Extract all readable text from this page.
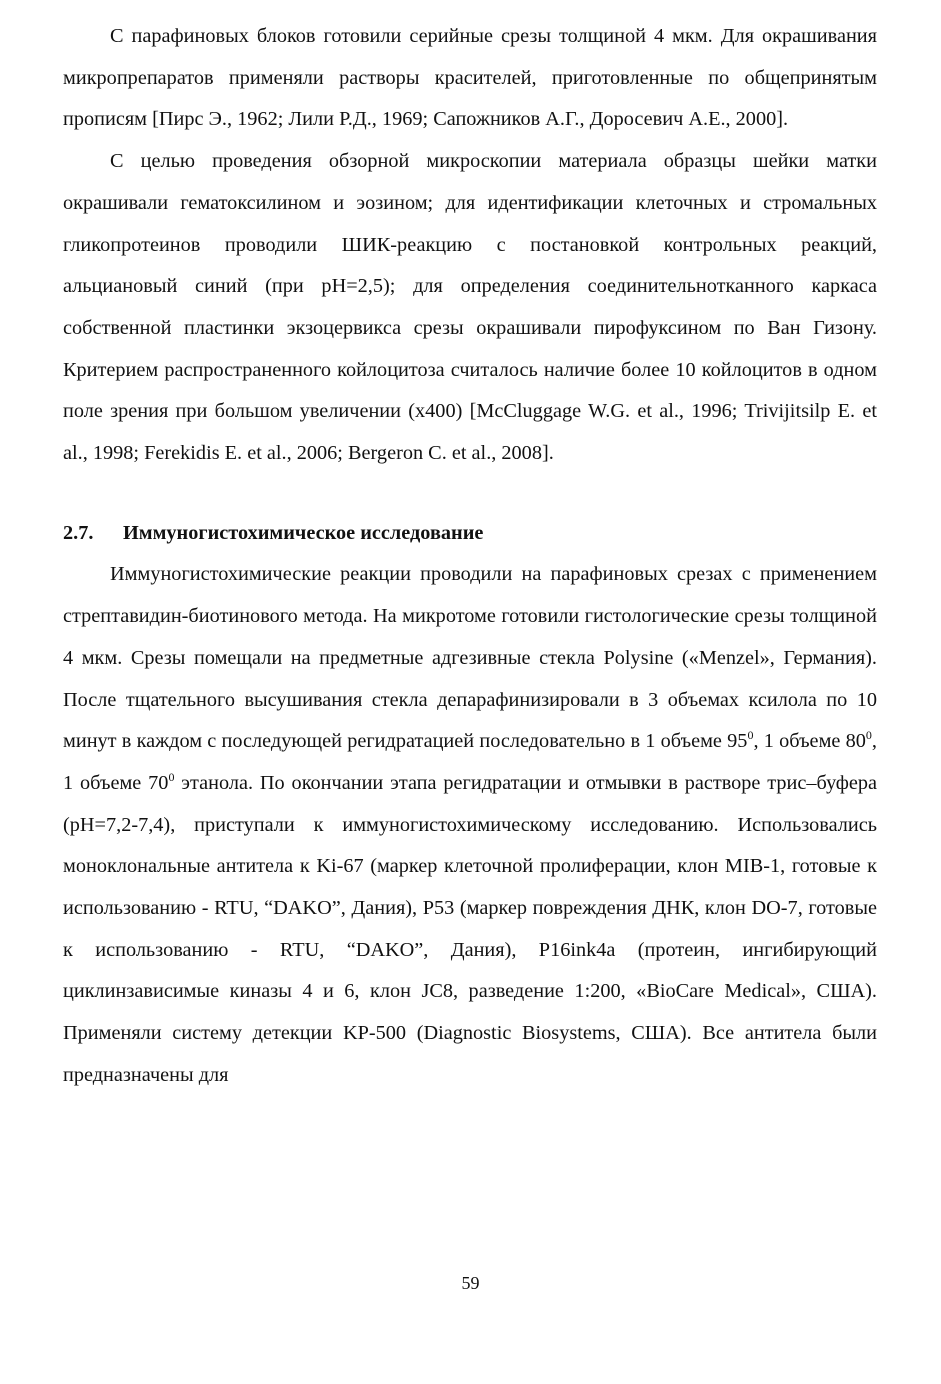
С парафиновых блоков готовили серийные срезы толщиной 4 мкм. Для окрашивания микропрепаратов применяли растворы красителей, приготовленные по общепринятым прописям [Пирс Э., 1962; Лили Р.Д., 1969; Сапожников А.Г., Доросевич А.Е., 2000].

С целью проведения обзорной микроскопии материала образцы шейки матки окрашивали гематоксилином и эозином; для идентификации клеточных и стромальных гликопротеинов проводили ШИК-реакцию с постановкой контрольных реакций, альциановый синий (при pH=2,5); для определения соединительнотканного каркаса собственной пластинки экзоцервикса срезы окрашивали пирофуксином по Ван Гизону. Критерием распространенного койлоцитоза считалось наличие более 10 койлоцитов в одном поле зрения при большом увеличении (х400) [McCluggage W.G. et al., 1996; Trivijitsilp E. et al., 1998; Ferekidis E. et al., 2006; Bergeron C. et al., 2008].

2.7.	Иммуногистохимическое исследование

Иммуногистохимические реакции проводили на парафиновых срезах с применением стрептавидин-биотинового метода. На микротоме готовили гистологические срезы толщиной 4 мкм. Срезы помещали на предметные адгезивные стекла Polysine («Menzel», Германия). После тщательного высушивания стекла депарафинизировали в 3 объемах ксилола по 10 минут в каждом с последующей регидратацией последовательно в 1 объеме $95^0$, 1 объеме $80^0$, 1 объеме $70^0$ этанола. По окончании этапа регидратации и отмывки в растворе трис–буфера (pH=7,2-7,4), приступали к иммуногистохимическому исследованию. Использовались моноклональные антитела к Ki-67 (маркер клеточной пролиферации, клон MIB-1, готовые к использованию - RTU, “DAKO”, Дания), P53 (маркер повреждения ДНК, клон DO-7, готовые к использованию - RTU, “DAKO”, Дания), P16ink4a (протеин, ингибирующий циклинзависимые киназы 4 и 6, клон JC8, разведение 1:200, «BioCare Medical», США). Применяли систему детекции KP-500 (Diagnostic Biosystems, США). Все антитела были предназначены для

59
